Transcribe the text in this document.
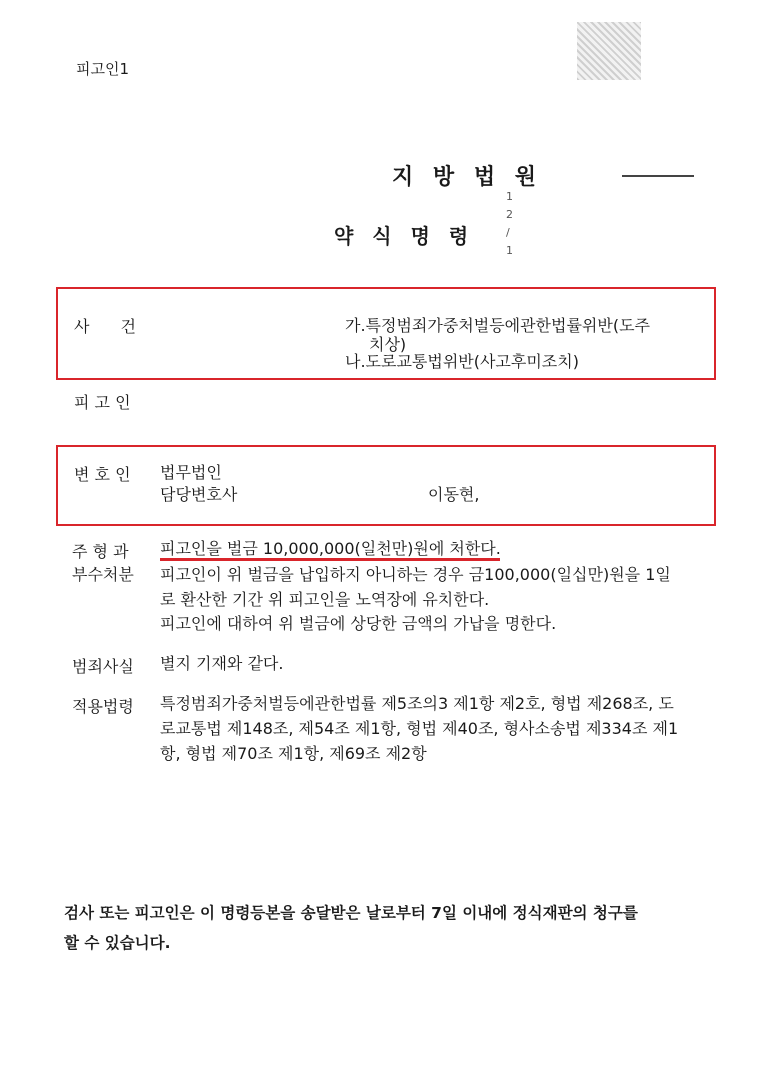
피고인1
지 방 법 원
약 식 명 령
1
2
/
1
사 건	가.특정범죄가중처벌등에관한법률위반(도주
치상)
나.도로교통법위반(사고후미조치)
피 고 인
변 호 인 법무법인
담당변호사	이동현,
주 형 과
부수처분
피고인을 벌금 10,000,000(일천만)원에 처한다.
피고인이 위 벌금을 납입하지 아니하는 경우 금100,000(일십만)원을 1일
로 환산한 기간 위 피고인을 노역장에 유치한다.
피고인에 대하여 위 벌금에 상당한 금액의 가납을 명한다.
범죄사실 별지 기재와 같다.
적용법령 특정범죄가중처벌등에관한법률 제5조의3 제1항 제2호, 형법 제268조, 도
로교통법 제148조, 제54조 제1항, 형법 제40조, 형사소송법 제334조 제1
항, 형법 제70조 제1항, 제69조 제2항
검사 또는 피고인은 이 명령등본을 송달받은 날로부터 7일 이내에 정식재판의 청구를
할 수 있습니다.
